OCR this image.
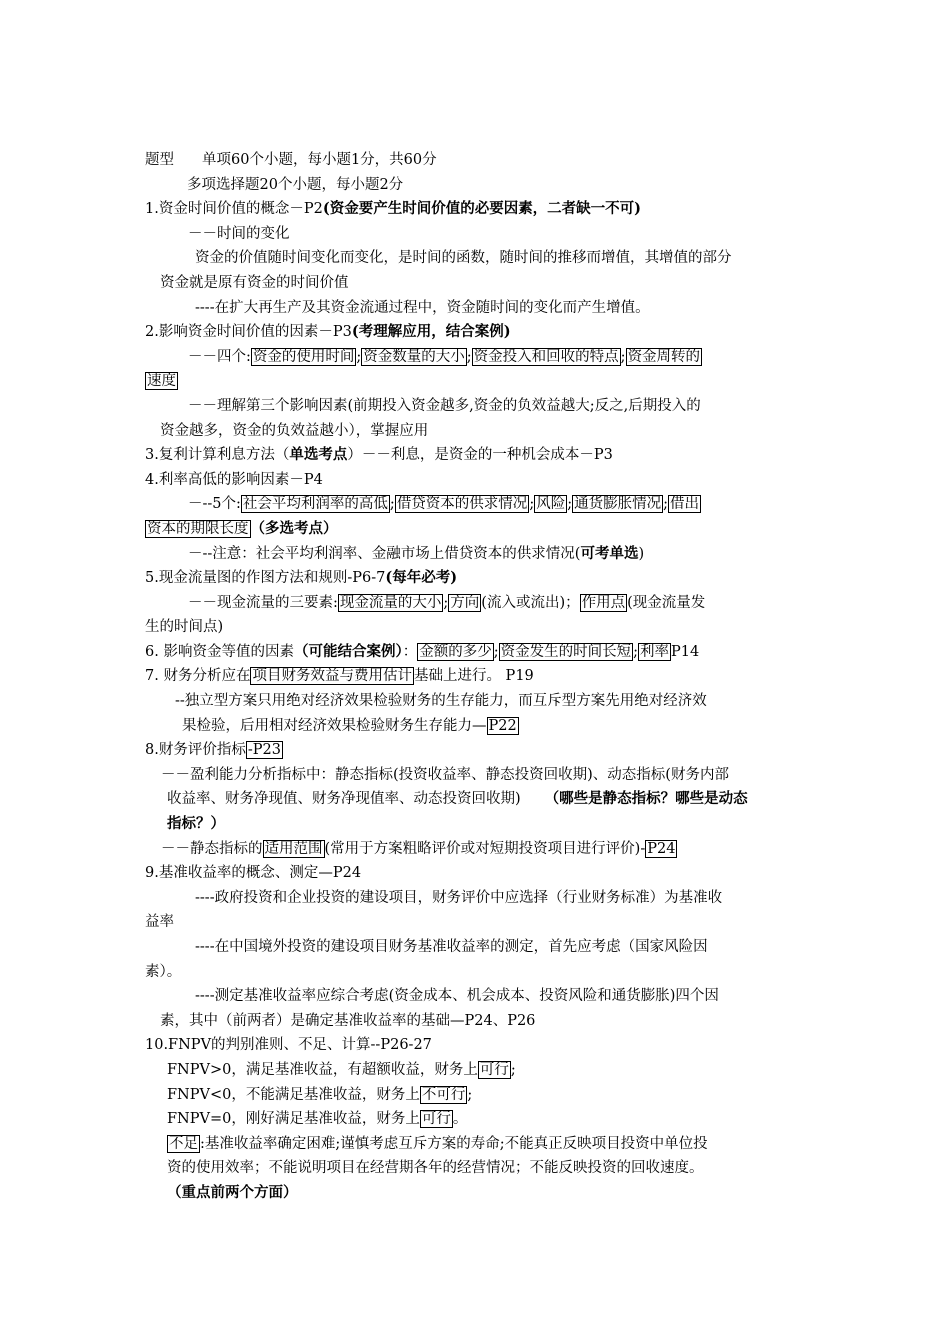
题型 单项60个小题，每小题1分，共60分
多项选择题20个小题，每小题2分
1.资金时间价值的概念－P2(资金要产生时间价值的必要因素，二者缺一不可)
－－时间的变化
资金的价值随时间变化而变化，是时间的函数，随时间的推移而增值，其增值的部分
资金就是原有资金的时间价值
----在扩大再生产及其资金流通过程中，资金随时间的变化而产生增值。
2.影响资金时间价值的因素－P3(考理解应用，结合案例)
－－四个: 资金的使用时间 ; 资金数量的大小 ; 资金投入和回收的特点 ; 资金周转的
速度
－－理解第三个影响因素(前期投入资金越多,资金的负效益越大;反之,后期投入的
资金越多，资金的负效益越小），掌握应用
3.复利计算利息方法（单选考点）－－利息，是资金的一种机会成本－P3
4.利率高低的影响因素－P4
－--5个: 社会平均利润率的高低 ; 借贷资本的供求情况 ; 风险 ; 通货膨胀情况 ; 借出
资本的期限长度 （多选考点）
－--注意：社会平均利润率、金融市场上借贷资本的供求情况(可考单选)
5.现金流量图的作图方法和规则-P6-7(每年必考)
－－现金流量的三要素: 现金流量的大小 ; 方向 (流入或流出)； 作用点 (现金流量发
生的时间点)
6. 影响资金等值的因素（可能结合案例）： 金额的多少 ; 资金发生的时间长短 ; 利率 P14
7. 财务分析应在 项目财务效益与费用估计 基础上进行。 P19
--独立型方案只用绝对经济效果检验财务的生存能力，而互斥型方案先用绝对经济效
果检验，后用相对经济效果检验财务生存能力— P22
8.财务评价指标 -P23
－－盈利能力分析指标中：静态指标(投资收益率、静态投资回收期)、动态指标(财务内部
收益率、财务净现值、财务净现值率、动态投资回收期) （哪些是静态指标？哪些是动态
指标？）
－－静态指标的 适用范围 (常用于方案粗略评价或对短期投资项目进行评价)- P24
9.基准收益率的概念、测定—P24
----政府投资和企业投资的建设项目，财务评价中应选择（行业财务标准）为基准收
益率
----在中国境外投资的建设项目财务基准收益率的测定，首先应考虑（国家风险因
素）。
----测定基准收益率应综合考虑(资金成本、机会成本、投资风险和通货膨胀)四个因
素，其中（前两者）是确定基准收益率的基础—P24、P26
10.FNPV的判别准则、不足、计算--P26-27
FNPV>0，满足基准收益，有超额收益，财务上 可行 ;
FNPV<0，不能满足基准收益，财务上 不可行 ;
FNPV=0，刚好满足基准收益，财务上 可行 。
不足 :基准收益率确定困难;谨慎考虑互斥方案的寿命;不能真正反映项目投资中单位投
资的使用效率；不能说明项目在经营期各年的经营情况；不能反映投资的回收速度。
（重点前两个方面）
